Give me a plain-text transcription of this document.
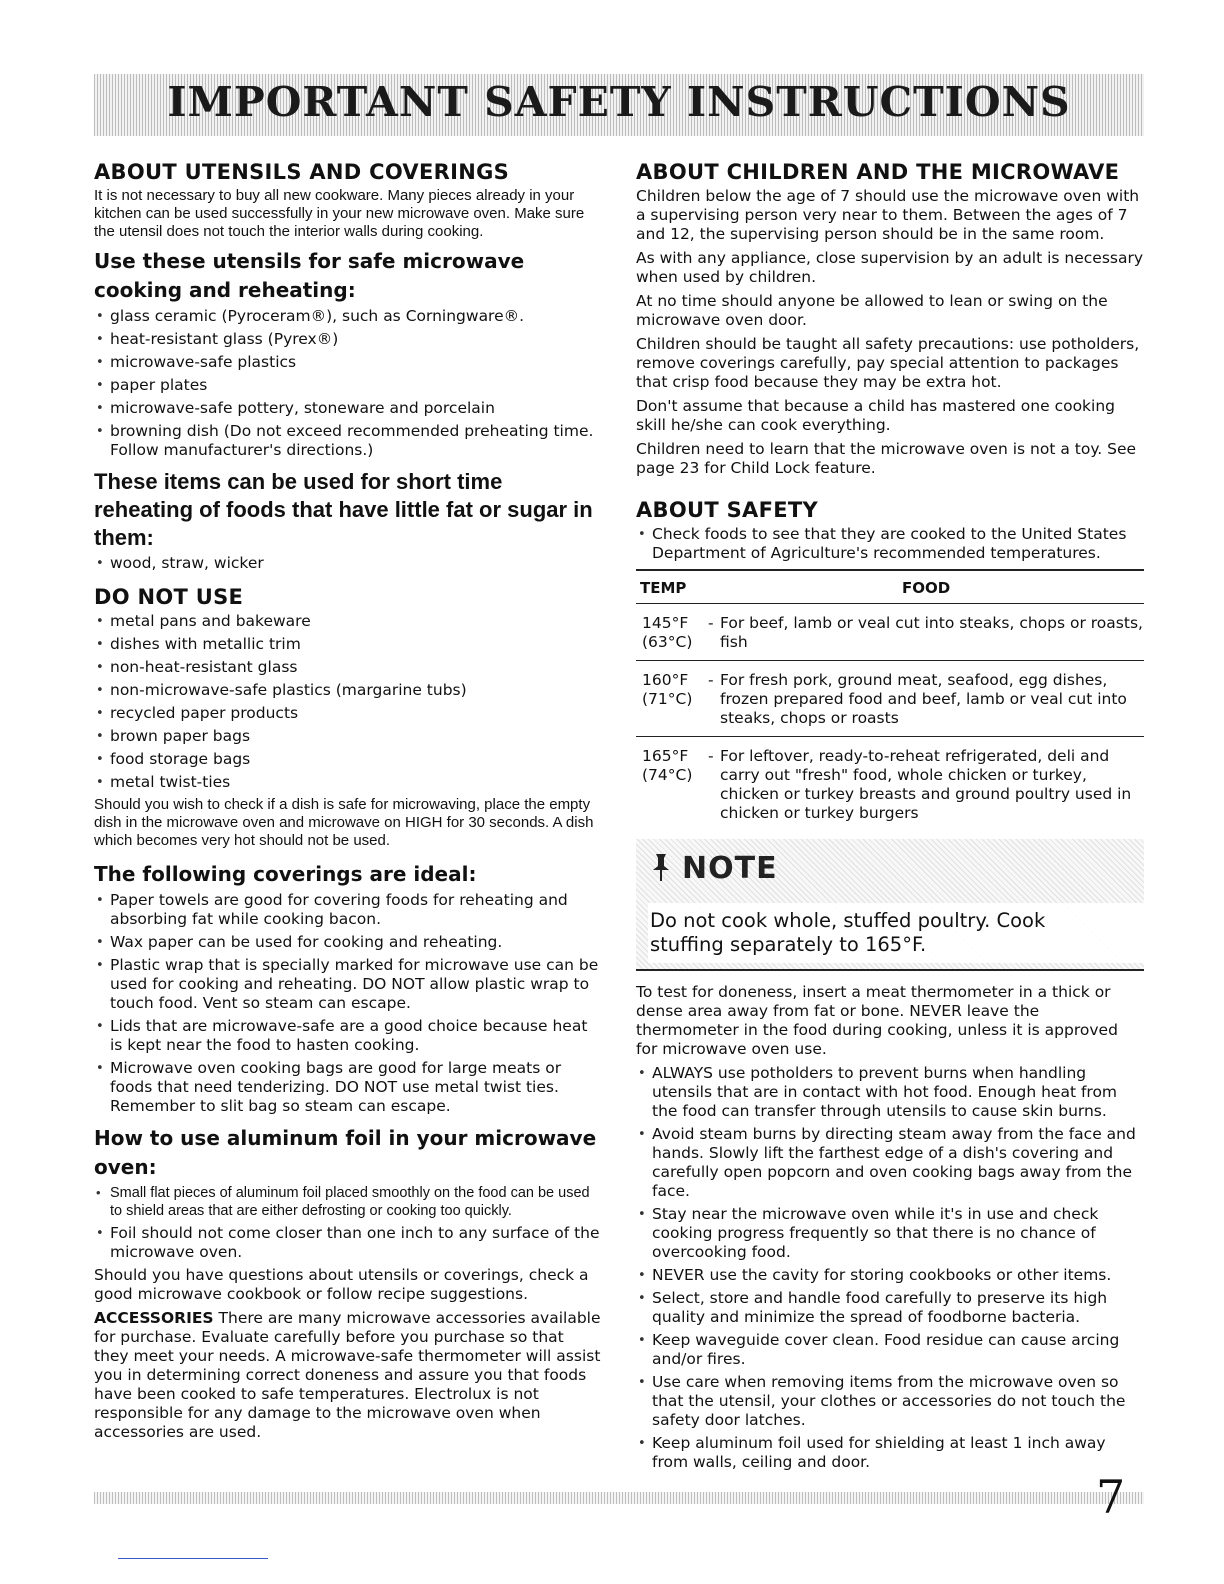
IMPORTANT SAFETY INSTRUCTIONS
ABOUT UTENSILS AND COVERINGS

It is not necessary to buy all new cookware. Many pieces already in your kitchen can be used successfully in your new microwave oven. Make sure the utensil does not touch the interior walls during cooking.

Use these utensils for safe microwave cooking and reheating:
• glass ceramic (Pyroceram®), such as Corningware®.
• heat-resistant glass (Pyrex®)
• microwave-safe plastics
• paper plates
• microwave-safe pottery, stoneware and porcelain
• browning dish (Do not exceed recommended preheating time. Follow manufacturer's directions.)
These items can be used for short time reheating of foods that have little fat or sugar in them:
• wood, straw, wicker
DO NOT USE
• metal pans and bakeware
• dishes with metallic trim
• non-heat-resistant glass
• non-microwave-safe plastics (margarine tubs)
• recycled paper products
• brown paper bags
• food storage bags
• metal twist-ties

Should you wish to check if a dish is safe for microwaving, place the empty dish in the microwave oven and microwave on HIGH for 30 seconds. A dish which becomes very hot should not be used.

The following coverings are ideal:
• Paper towels are good for covering foods for reheating and absorbing fat while cooking bacon.
• Wax paper can be used for cooking and reheating.
• Plastic wrap that is specially marked for microwave use can be used for cooking and reheating. DO NOT allow plastic wrap to touch food. Vent so steam can escape.
• Lids that are microwave-safe are a good choice because heat is kept near the food to hasten cooking.
• Microwave oven cooking bags are good for large meats or foods that need tenderizing. DO NOT use metal twist ties. Remember to slit bag so steam can escape.
How to use aluminum foil in your microwave oven:
• Small flat pieces of aluminum foil placed smoothly on the food can be used to shield areas that are either defrosting or cooking too quickly.
• Foil should not come closer than one inch to any surface of the microwave oven.

Should you have questions about utensils or coverings, check a good microwave cookbook or follow recipe suggestions.

ACCESSORIES There are many microwave accessories available for purchase. Evaluate carefully before you purchase so that they meet your needs. A microwave-safe thermometer will assist you in determining correct doneness and assure you that foods have been cooked to safe temperatures. Electrolux is not responsible for any damage to the microwave oven when accessories are used.

ABOUT CHILDREN AND THE MICROWAVE

Children below the age of 7 should use the microwave oven with a supervising person very near to them. Between the ages of 7 and 12, the supervising person should be in the same room.

As with any appliance, close supervision by an adult is necessary when used by children.

At no time should anyone be allowed to lean or swing on the microwave oven door.

Children should be taught all safety precautions: use potholders, remove coverings carefully, pay special attention to packages that crisp food because they may be extra hot.

Don't assume that because a child has mastered one cooking skill he/she can cook everything.

Children need to learn that the microwave oven is not a toy. See page 23 for Child Lock feature.

ABOUT SAFETY
• Check foods to see that they are cooked to the United States Department of Agriculture's recommended temperatures.
TEMP	FOOD
145°F
(63°C)
- For beef, lamb or veal cut into steaks, chops or roasts, fish
160°F
(71°C)
- For fresh pork, ground meat, seafood, egg dishes, frozen prepared food and beef, lamb or veal cut into steaks, chops or roasts
165°F
(74°C)
- For leftover, ready-to-reheat refrigerated, deli and carry out "fresh" food, whole chicken or turkey, chicken or turkey breasts and ground poultry used in chicken or turkey burgers
NOTE
Do not cook whole, stuffed poultry. Cook stuffing separately to 165°F.

To test for doneness, insert a meat thermometer in a thick or dense area away from fat or bone. NEVER leave the thermometer in the food during cooking, unless it is approved for microwave oven use.

• ALWAYS use potholders to prevent burns when handling utensils that are in contact with hot food. Enough heat from the food can transfer through utensils to cause skin burns.
• Avoid steam burns by directing steam away from the face and hands. Slowly lift the farthest edge of a dish's covering and carefully open popcorn and oven cooking bags away from the face.
• Stay near the microwave oven while it's in use and check cooking progress frequently so that there is no chance of overcooking food.
• NEVER use the cavity for storing cookbooks or other items.
• Select, store and handle food carefully to preserve its high quality and minimize the spread of foodborne bacteria.
• Keep waveguide cover clean. Food residue can cause arcing and/or fires.
• Use care when removing items from the microwave oven so that the utensil, your clothes or accessories do not touch the safety door latches.
• Keep aluminum foil used for shielding at least 1 inch away from walls, ceiling and door.
7
